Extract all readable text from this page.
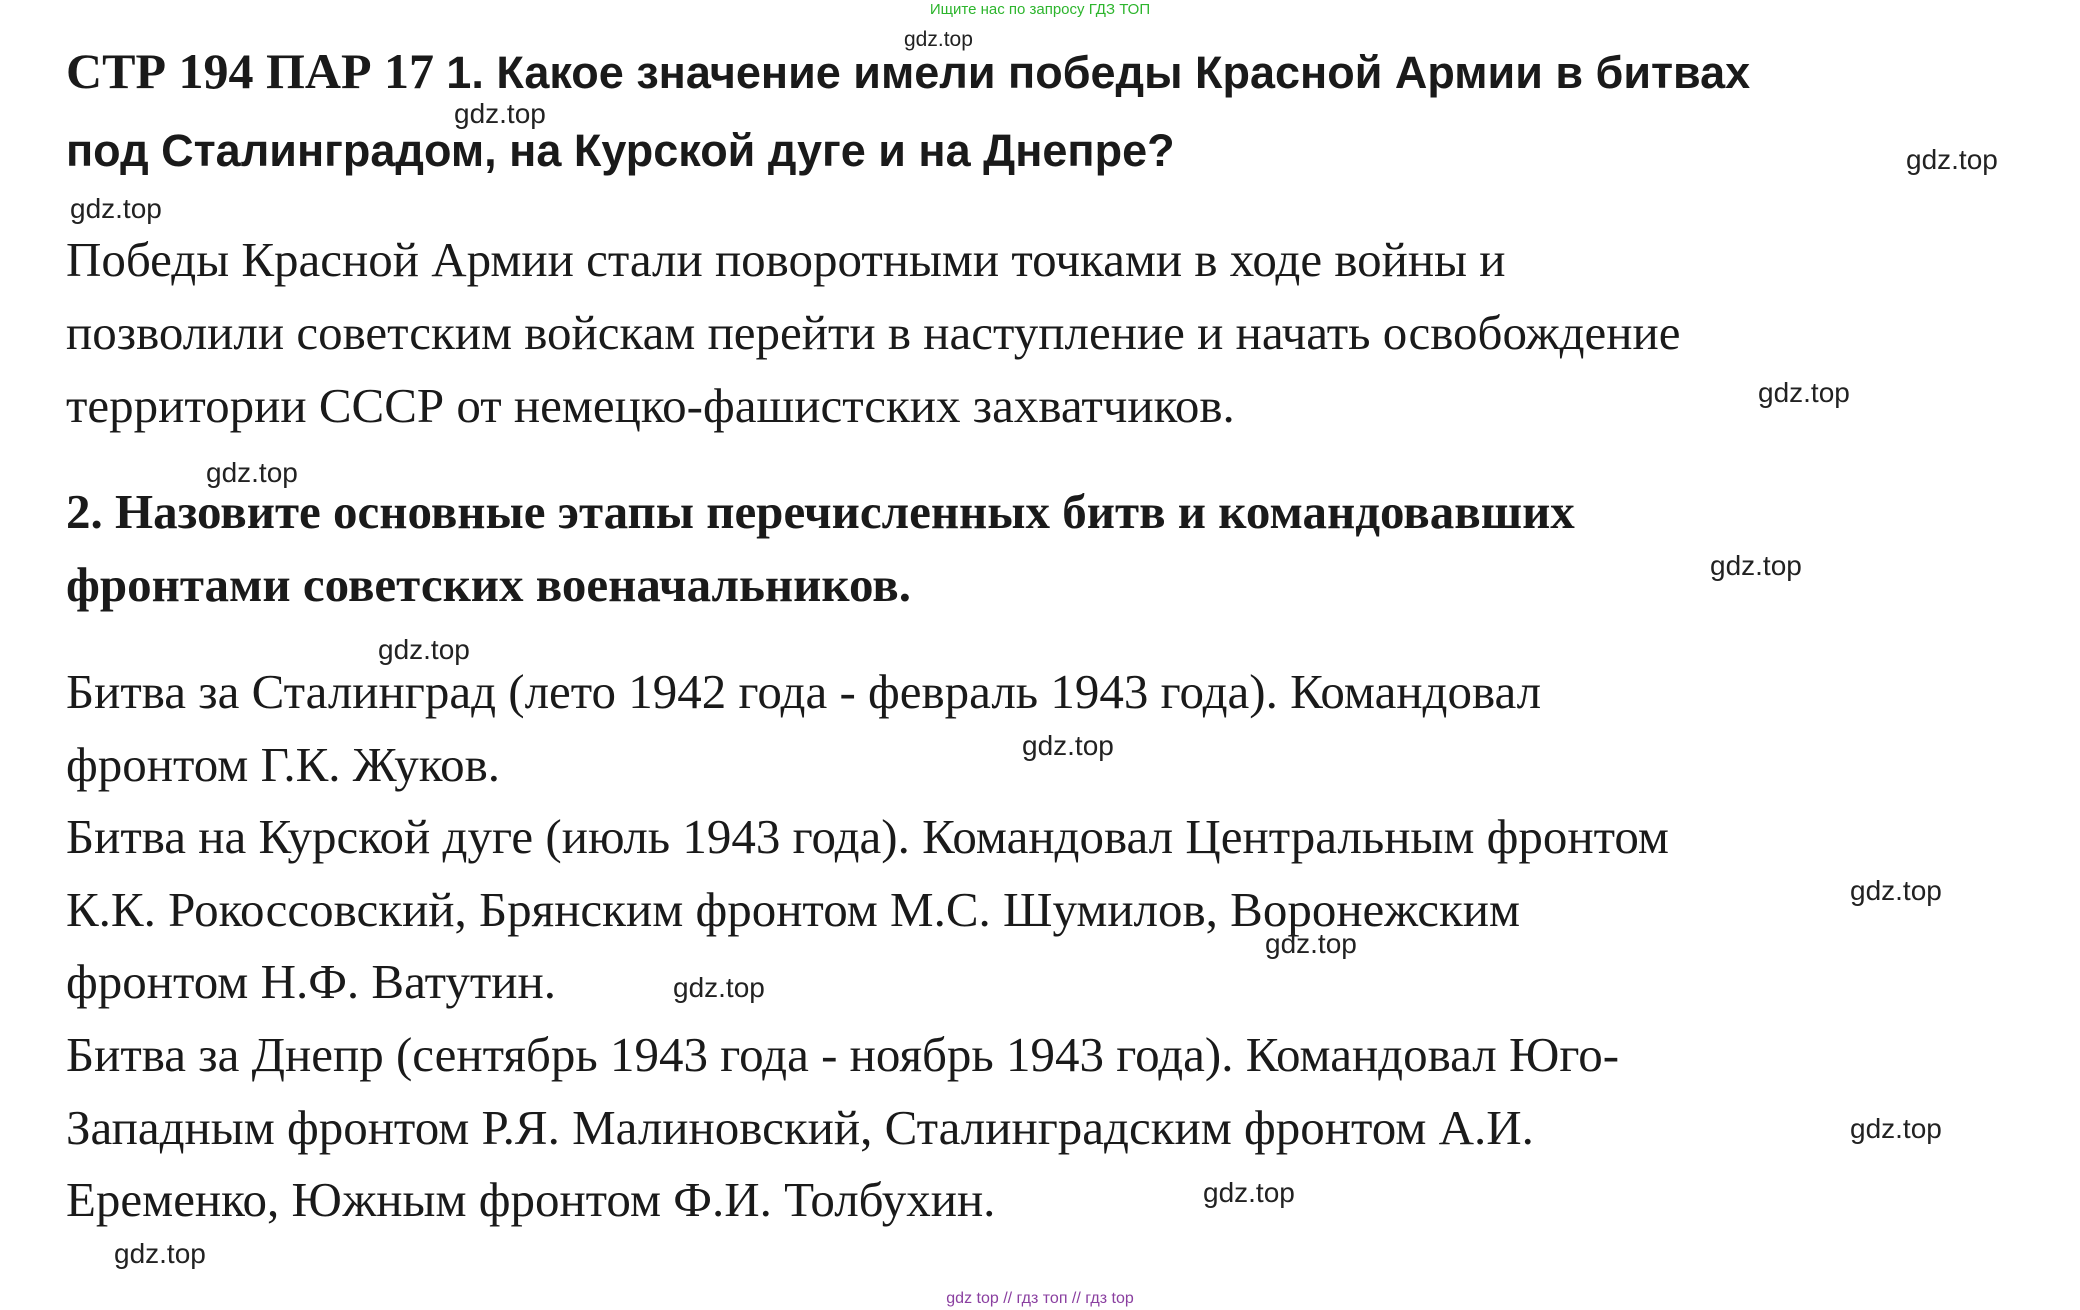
Ищите нас по запросу ГДЗ ТОП
СТР 194 ПАР 17 1. Какое значение имели победы Красной Армии в битвах
под Сталинградом, на Курской дуге и на Днепре?
Победы Красной Армии стали поворотными точками в ходе войны и
позволили советским войскам перейти в наступление и начать освобождение
территории СССР от немецко-фашистских захватчиков.
2. Назовите основные этапы перечисленных битв и командовавших
фронтами советских военачальников.
Битва за Сталинград (лето 1942 года - февраль 1943 года). Командовал
фронтом Г.К. Жуков.
Битва на Курской дуге (июль 1943 года). Командовал Центральным фронтом
К.К. Рокоссовский, Брянским фронтом М.С. Шумилов, Воронежским
фронтом Н.Ф. Ватутин.
Битва за Днепр (сентябрь 1943 года - ноябрь 1943 года). Командовал Юго-
Западным фронтом Р.Я. Малиновский, Сталинградским фронтом А.И.
Еременко, Южным фронтом Ф.И. Толбухин.
gdz.top
gdz.top
gdz.top
gdz.top
gdz.top
gdz.top
gdz.top
gdz.top
gdz.top
gdz.top
gdz.top
gdz.top
gdz.top
gdz.top
gdz.top
gdz top // гдз топ // гдз top
